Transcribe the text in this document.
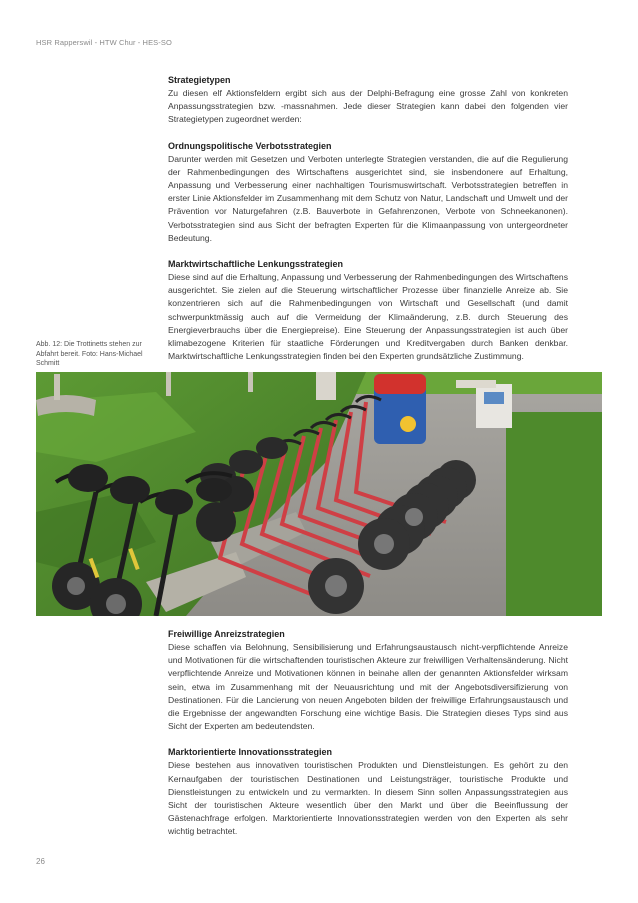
HSR Rapperswil - HTW Chur - HES-SO
Strategietypen
Zu diesen elf Aktionsfeldern ergibt sich aus der Delphi-Befragung eine grosse Zahl von konkreten Anpassungsstrategien bzw. -massnahmen. Jede dieser Strategien kann dabei den folgenden vier Strategietypen zugeordnet werden:
Ordnungspolitische Verbotsstrategien
Darunter werden mit Gesetzen und Verboten unterlegte Strategien verstanden, die auf die Regulierung der Rahmenbedingungen des Wirtschaftens ausgerichtet sind, sie insbendonere auf Erhaltung, Anpassung und Verbesserung einer nachhaltigen Tourismuswirtschaft. Verbotsstrategien betreffen in erster Linie Aktionsfelder im Zusammenhang mit dem Schutz von Natur, Landschaft und Umwelt und der Prävention vor Naturgefahren (z.B. Bauverbote in Gefahrenzonen, Verbote von Schneekanonen). Verbotsstrategien sind aus Sicht der befragten Experten für die Klimaanpassung von untergeordneter Bedeutung.
Marktwirtschaftliche Lenkungsstrategien
Diese sind auf die Erhaltung, Anpassung und Verbesserung der Rahmenbedingungen des Wirtschaftens ausgerichtet. Sie zielen auf die Steuerung wirtschaftlicher Prozesse über finanzielle Anreize ab. Sie konzentrieren sich auf die Rahmenbedingungen von Wirtschaft und Gesellschaft (und damit schwerpunktmässig auch auf die Vermeidung der Klimaänderung, z.B. durch Steuerung des Energieverbrauchs über die Energiepreise). Eine Steuerung der Anpassungsstrategien ist auch über klimabezogene Kriterien für staatliche Förderungen und Kreditvergaben durch Banken denkbar. Marktwirtschaftliche Lenkungsstrategien finden bei den Experten grundsätzliche Zustimmung.
Abb. 12: Die Trottinetts stehen zur Abfahrt bereit. Foto: Hans-Michael Schmitt
Freiwillige Anreizstrategien
Diese schaffen via Belohnung, Sensibilisierung und Erfahrungsaustausch nicht-verpflichtende Anreize und Motivationen für die wirtschaftenden touristischen Akteure zur freiwilligen Verhaltensänderung. Nicht verpflichtende Anreize und Motivationen können in beinahe allen der genannten Aktionsfelder wirksam sein, etwa im Zusammenhang mit der Neuausrichtung und mit der Angebotsdiversifizierung von Destinationen. Für die Lancierung von neuen Angeboten bilden der freiwillige Erfahrungsaustausch und die Ergebnisse der angewandten Forschung eine wichtige Basis. Die Strategien dieses Typs sind aus Sicht der Experten am bedeutendsten.
Marktorientierte Innovationsstrategien
Diese bestehen aus innovativen touristischen Produkten und Dienstleistungen. Es gehört zu den Kernaufgaben der touristischen Destinationen und Leistungsträger, touristische Produkte und Dienstleistungen zu entwickeln und zu vermarkten. In diesem Sinn sollen Anpassungsstrategien aus Sicht der touristischen Akteure wesentlich über den Markt und über die Beeinflussung der Gästenachfrage erfolgen. Marktorientierte Innovationsstrategien werden von den Experten als sehr wichtig betrachtet.
26
